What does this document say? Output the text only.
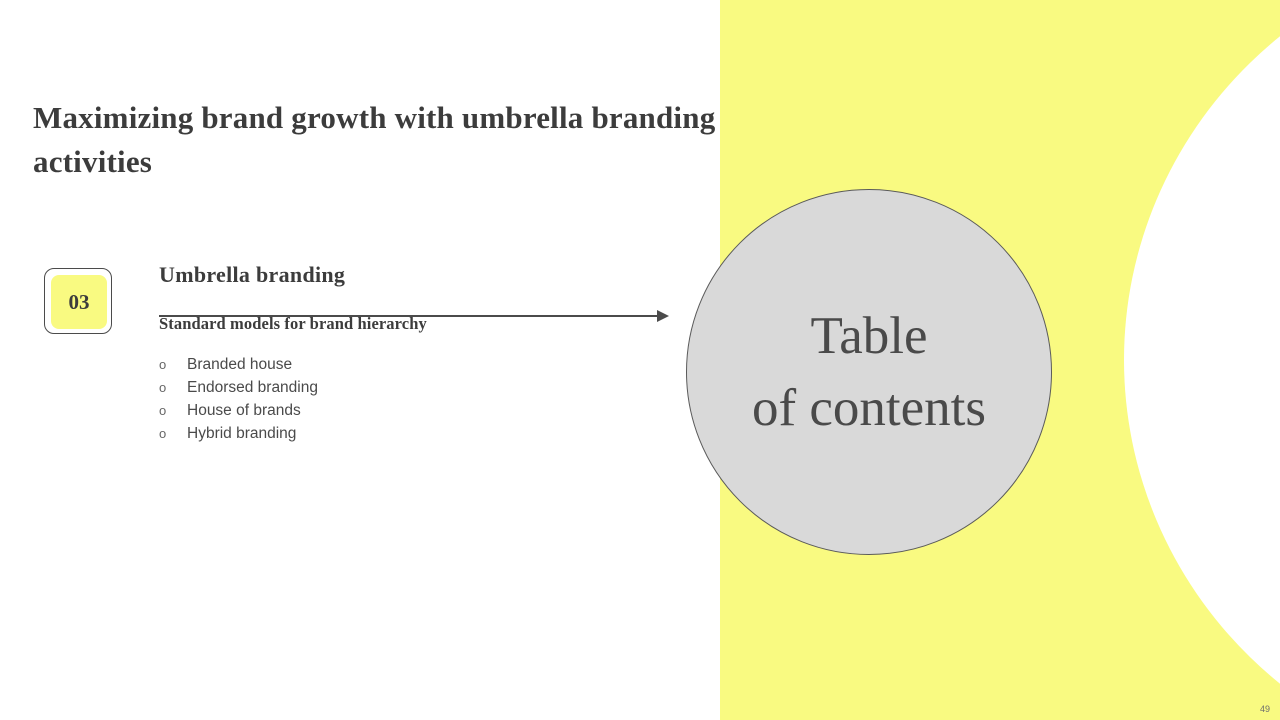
Maximizing brand growth with umbrella branding activities
03
Umbrella branding
Standard models for brand hierarchy
o	Branded house
o	Endorsed branding
o	House of brands
o	Hybrid branding
Table
of contents
49
